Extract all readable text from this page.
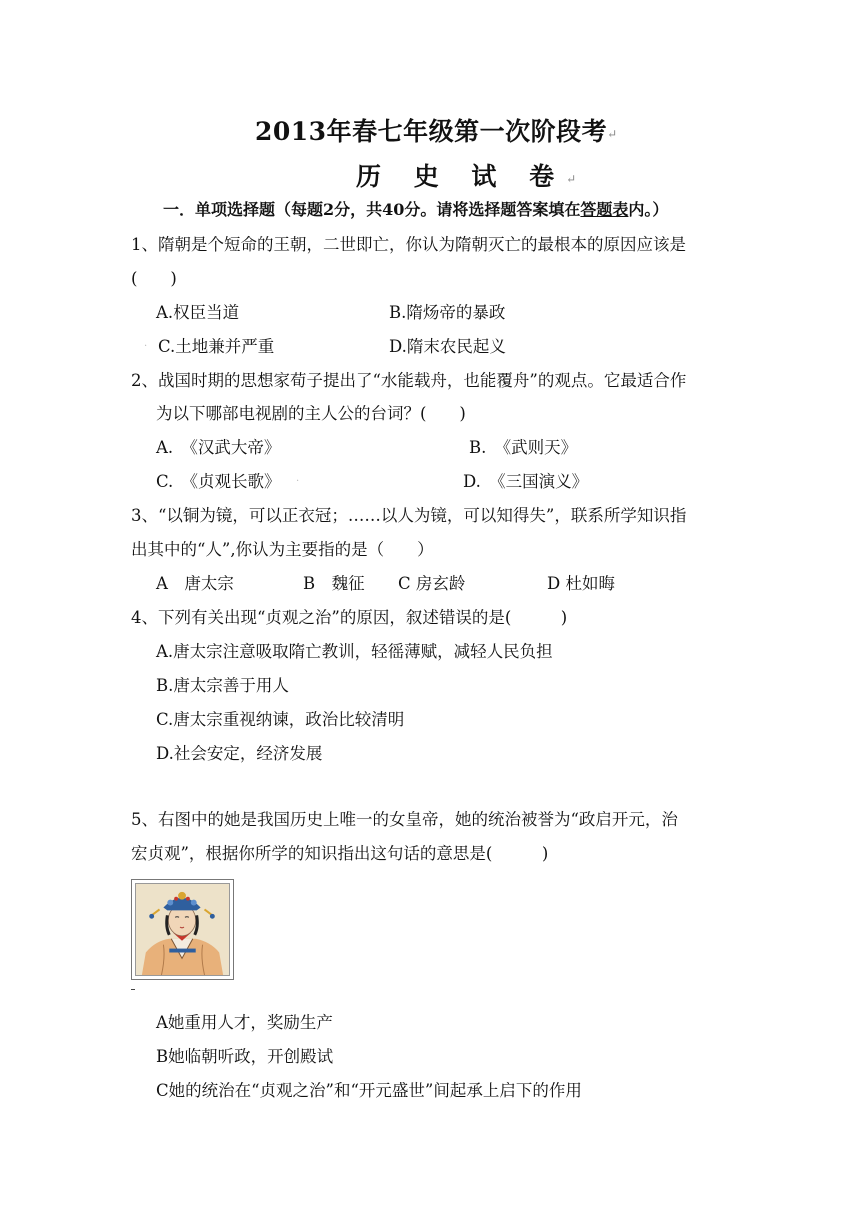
2013年春七年级第一次阶段考↵
历 史 试 卷↵
一．单项选择题（每题2分，共40分。请将选择题答案填在答题表内。）
1、隋朝是个短命的王朝，二世即亡，你认为隋朝灭亡的最根本的原因应该是
(　　)
A.权臣当道	B.隋炀帝的暴政
. C.土地兼并严重	D.隋末农民起义
2、战国时期的思想家荀子提出了“水能载舟，也能覆舟”的观点。它最适合作
为以下哪部电视剧的主人公的台词？(　　)
A.　《汉武大帝》	B.　《武则天》
C.　《贞观长歌》 .	D.　《三国演义》
3、“以铜为镜，可以正衣冠；……以人为镜，可以知得失”，联系所学知识指
出其中的“人”,你认为主要指的是（　　）
A　唐太宗	B　魏征 C 房玄龄	D 杜如晦
4、下列有关出现“贞观之治”的原因，叙述错误的是(　　　)
A.唐太宗注意吸取隋亡教训，轻徭薄赋，减轻人民负担
B.唐太宗善于用人
C.唐太宗重视纳谏，政治比较清明
D.社会安定，经济发展
5、右图中的她是我国历史上唯一的女皇帝，她的统治被誉为“政启开元，治
宏贞观”，根据你所学的知识指出这句话的意思是(　　　)
A她重用人才，奖励生产
B她临朝听政，开创殿试
C她的统治在“贞观之治”和“开元盛世”间起承上启下的作用
